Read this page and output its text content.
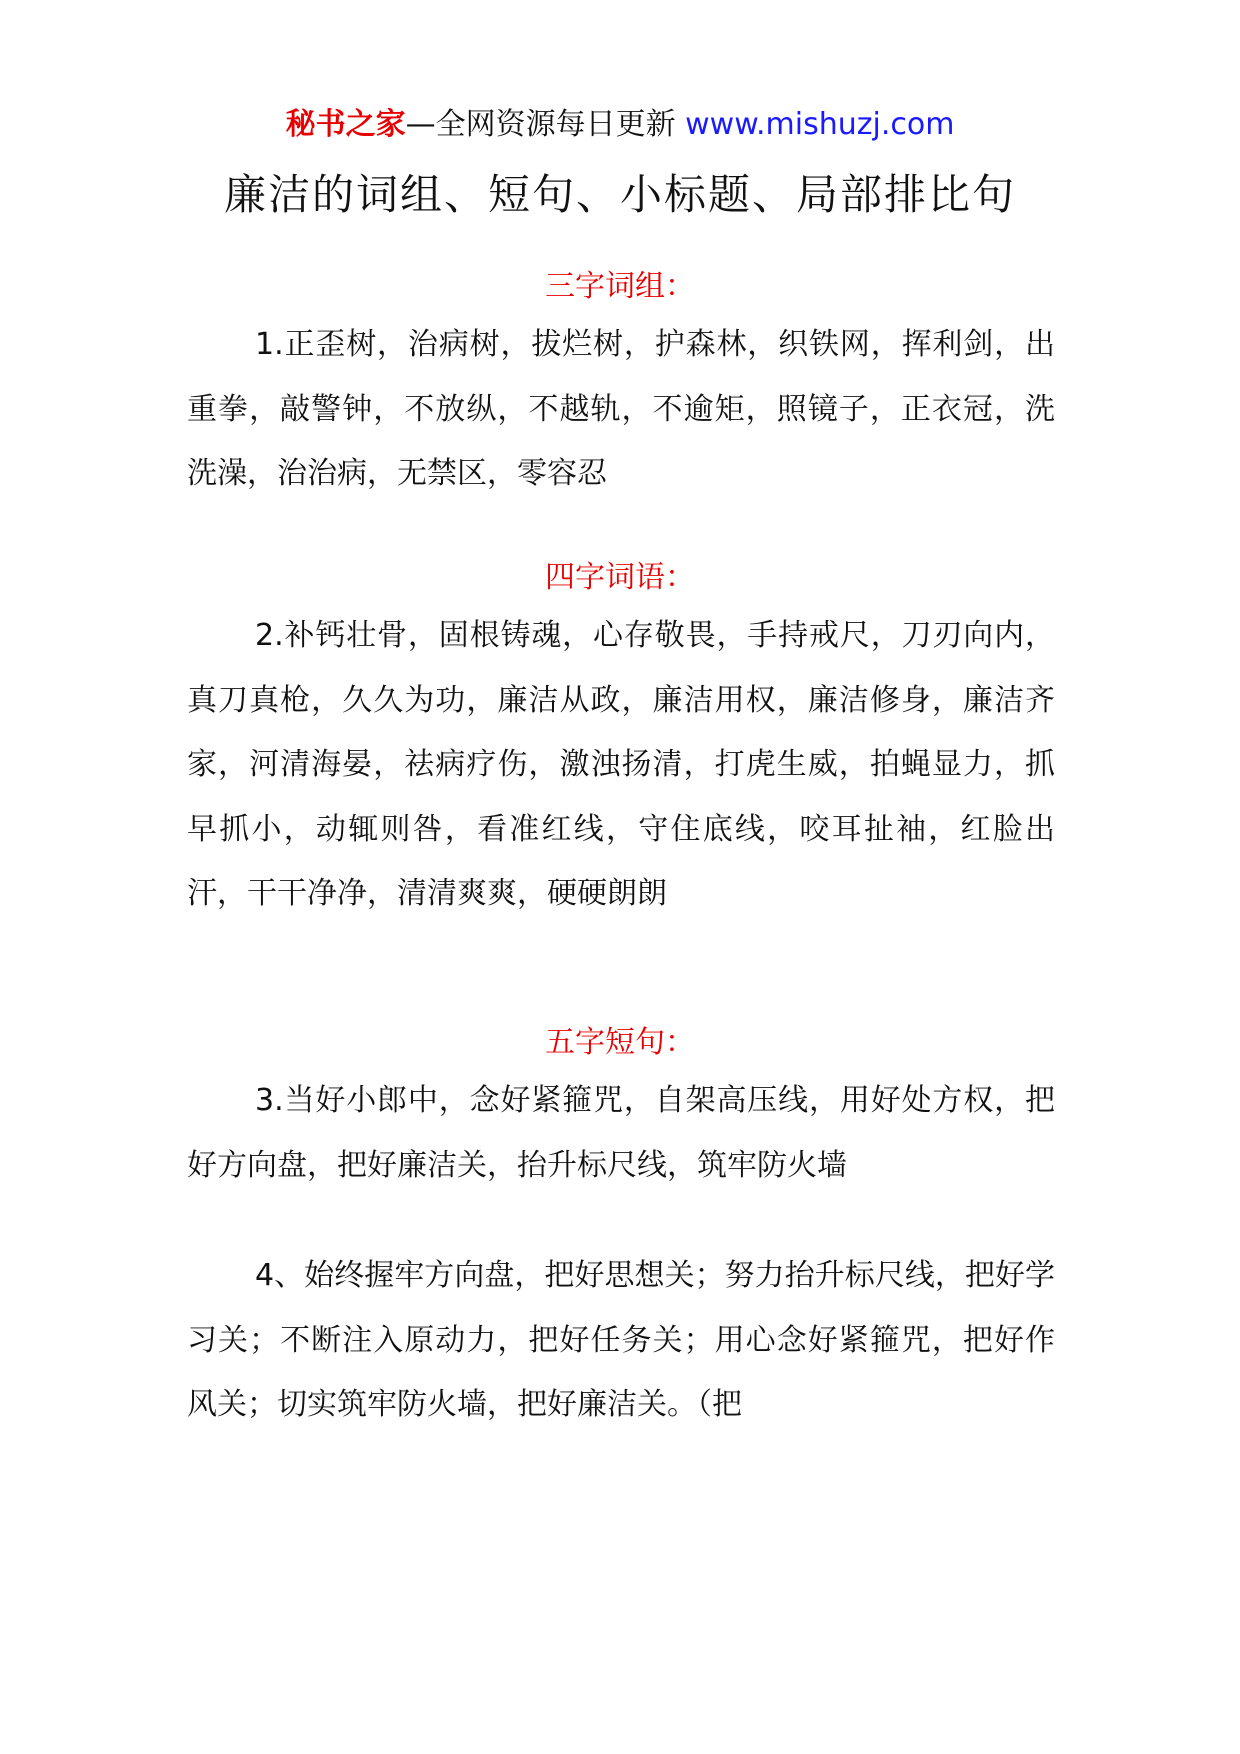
秘书之家—全网资源每日更新 www.mishuzj.com
廉洁的词组、短句、小标题、局部排比句
三字词组：

1.正歪树，治病树，拔烂树，护森林，织铁网，挥利剑，出重拳，敲警钟，不放纵，不越轨，不逾矩，照镜子，正衣冠，洗洗澡，治治病，无禁区，零容忍

四字词语：

2.补钙壮骨，固根铸魂，心存敬畏，手持戒尺，刀刃向内，真刀真枪，久久为功，廉洁从政，廉洁用权，廉洁修身，廉洁齐家，河清海晏，祛病疗伤，激浊扬清，打虎生威，拍蝇显力，抓早抓小，动辄则咎，看准红线，守住底线，咬耳扯袖，红脸出汗，干干净净，清清爽爽，硬硬朗朗

五字短句：

3.当好小郎中，念好紧箍咒，自架高压线，用好处方权，把好方向盘，把好廉洁关，抬升标尺线，筑牢防火墙

4、始终握牢方向盘，把好思想关；努力抬升标尺线，把好学习关；不断注入原动力，把好任务关；用心念好紧箍咒，把好作风关；切实筑牢防火墙，把好廉洁关。（把
